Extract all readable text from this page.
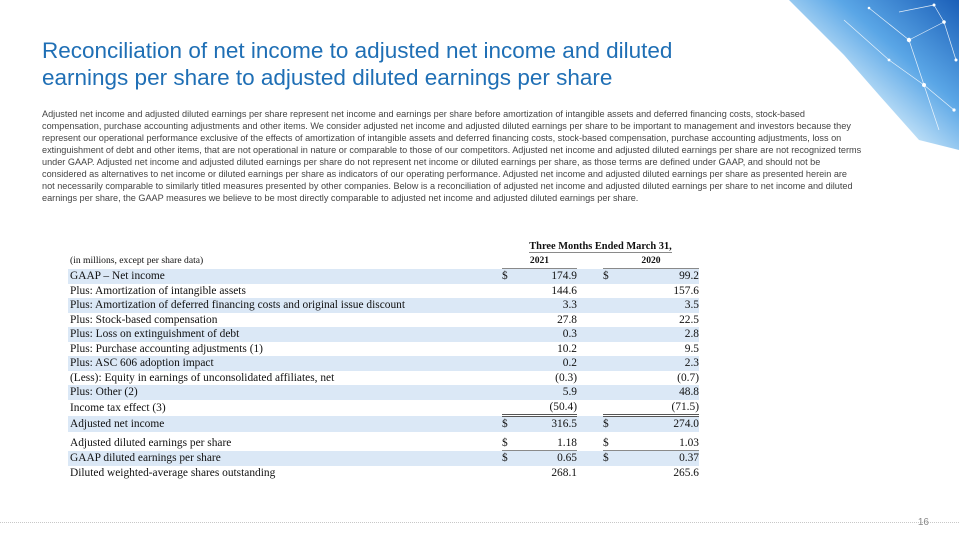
Reconciliation of net income to adjusted net income and diluted
earnings per share to adjusted diluted earnings per share
Adjusted net income and adjusted diluted earnings per share represent net income and earnings per share before amortization of intangible assets and deferred financing costs, stock-based compensation, purchase accounting adjustments and other items. We consider adjusted net income and adjusted diluted earnings per share to be important to management and investors because they represent our operational performance exclusive of the effects of amortization of intangible assets and deferred financing costs, stock-based compensation, purchase accounting adjustments, loss on extinguishment of debt and other items, that are not operational in nature or comparable to those of our competitors. Adjusted net income and adjusted diluted earnings per share are not recognized terms under GAAP. Adjusted net income and adjusted diluted earnings per share do not represent net income or diluted earnings per share, as those terms are defined under GAAP, and should not be considered as alternatives to net income or diluted earnings per share as indicators of our operating performance. Adjusted net income and adjusted diluted earnings per share as presented herein are not necessarily comparable to similarly titled measures presented by other companies. Below is a reconciliation of adjusted net income and adjusted diluted earnings per share to net income and diluted earnings per share, the GAAP measures we believe to be most directly comparable to adjusted net income and adjusted diluted earnings per share.
	Three Months Ended March 31,				
(in millions, except per share data)	2021			2020	
GAAP – Net income	$	174.9		$	99.2
Plus: Amortization of intangible assets		144.6			157.6
Plus: Amortization of deferred financing costs and original issue discount		3.3			3.5
Plus: Stock-based compensation		27.8			22.5
Plus: Loss on extinguishment of debt		0.3			2.8
Plus: Purchase accounting adjustments (1)		10.2			9.5
Plus: ASC 606 adoption impact		0.2			2.3
(Less): Equity in earnings of unconsolidated affiliates, net		(0.3)			(0.7)
Plus: Other (2)		5.9			48.8
Income tax effect (3)		(50.4)			(71.5)
Adjusted net income	$	316.5		$	274.0

Adjusted diluted earnings per share	$	1.18		$	1.03
GAAP diluted earnings per share	$	0.65		$	0.37
Diluted weighted-average shares outstanding		268.1			265.6
16
